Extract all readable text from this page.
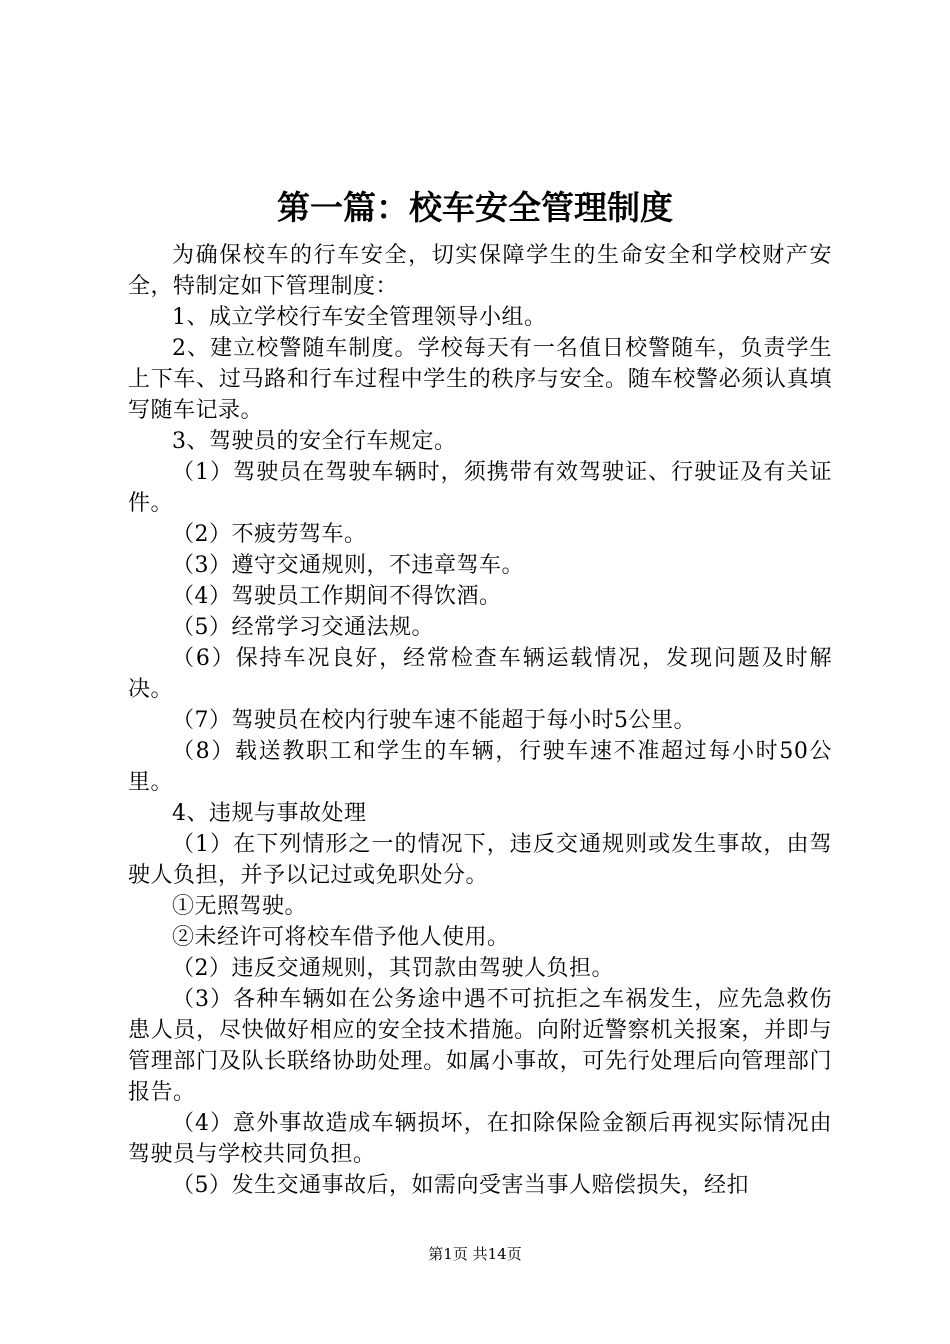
第一篇：校车安全管理制度

为确保校车的行车安全，切实保障学生的生命安全和学校财产安全，特制定如下管理制度：

1、成立学校行车安全管理领导小组。

2、建立校警随车制度。学校每天有一名值日校警随车，负责学生上下车、过马路和行车过程中学生的秩序与安全。随车校警必须认真填写随车记录。

3、驾驶员的安全行车规定。

（1）驾驶员在驾驶车辆时，须携带有效驾驶证、行驶证及有关证件。

（2）不疲劳驾车。

（3）遵守交通规则，不违章驾车。

（4）驾驶员工作期间不得饮酒。

（5）经常学习交通法规。

（6）保持车况良好，经常检查车辆运载情况，发现问题及时解决。

（7）驾驶员在校内行驶车速不能超于每小时5公里。

（8）载送教职工和学生的车辆，行驶车速不准超过每小时50公里。

4、违规与事故处理

（1）在下列情形之一的情况下，违反交通规则或发生事故，由驾驶人负担，并予以记过或免职处分。

①无照驾驶。

②未经许可将校车借予他人使用。

（2）违反交通规则，其罚款由驾驶人负担。

（3）各种车辆如在公务途中遇不可抗拒之车祸发生，应先急救伤患人员，尽快做好相应的安全技术措施。向附近警察机关报案，并即与管理部门及队长联络协助处理。如属小事故，可先行处理后向管理部门报告。

（4）意外事故造成车辆损坏，在扣除保险金额后再视实际情况由驾驶员与学校共同负担。

（5）发生交通事故后，如需向受害当事人赔偿损失，经扣

第1页 共14页
